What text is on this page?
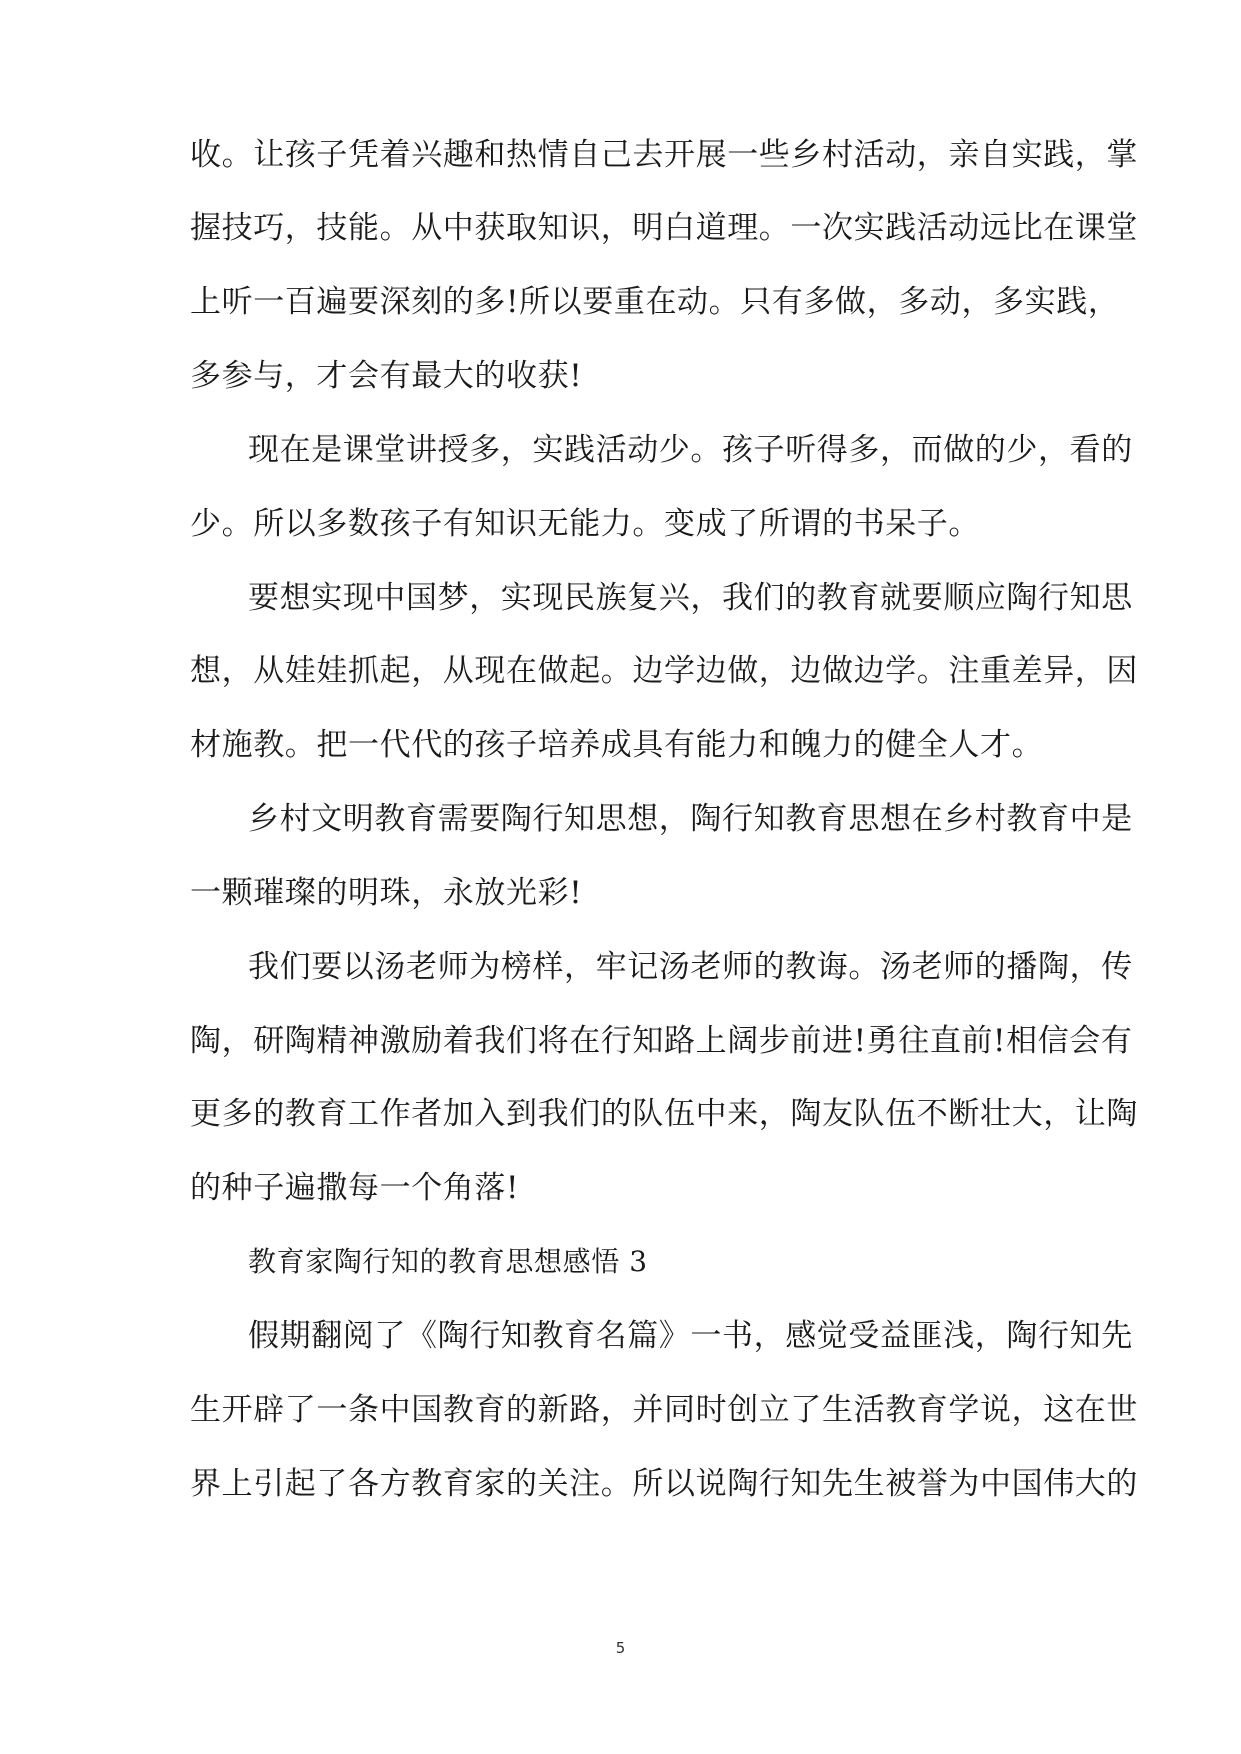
收。让孩子凭着兴趣和热情自己去开展一些乡村活动，亲自实践，掌
握技巧，技能。从中获取知识，明白道理。一次实践活动远比在课堂
上听一百遍要深刻的多!所以要重在动。只有多做，多动，多实践，
多参与，才会有最大的收获!
现在是课堂讲授多，实践活动少。孩子听得多，而做的少，看的
少。所以多数孩子有知识无能力。变成了所谓的书呆子。
要想实现中国梦，实现民族复兴，我们的教育就要顺应陶行知思
想，从娃娃抓起，从现在做起。边学边做，边做边学。注重差异，因
材施教。把一代代的孩子培养成具有能力和魄力的健全人才。
乡村文明教育需要陶行知思想，陶行知教育思想在乡村教育中是
一颗璀璨的明珠，永放光彩!
我们要以汤老师为榜样，牢记汤老师的教诲。汤老师的播陶，传
陶，研陶精神激励着我们将在行知路上阔步前进!勇往直前!相信会有
更多的教育工作者加入到我们的队伍中来，陶友队伍不断壮大，让陶
的种子遍撒每一个角落!
教育家陶行知的教育思想感悟 3
假期翻阅了《陶行知教育名篇》一书，感觉受益匪浅，陶行知先
生开辟了一条中国教育的新路，并同时创立了生活教育学说，这在世
界上引起了各方教育家的关注。所以说陶行知先生被誉为中国伟大的
5
